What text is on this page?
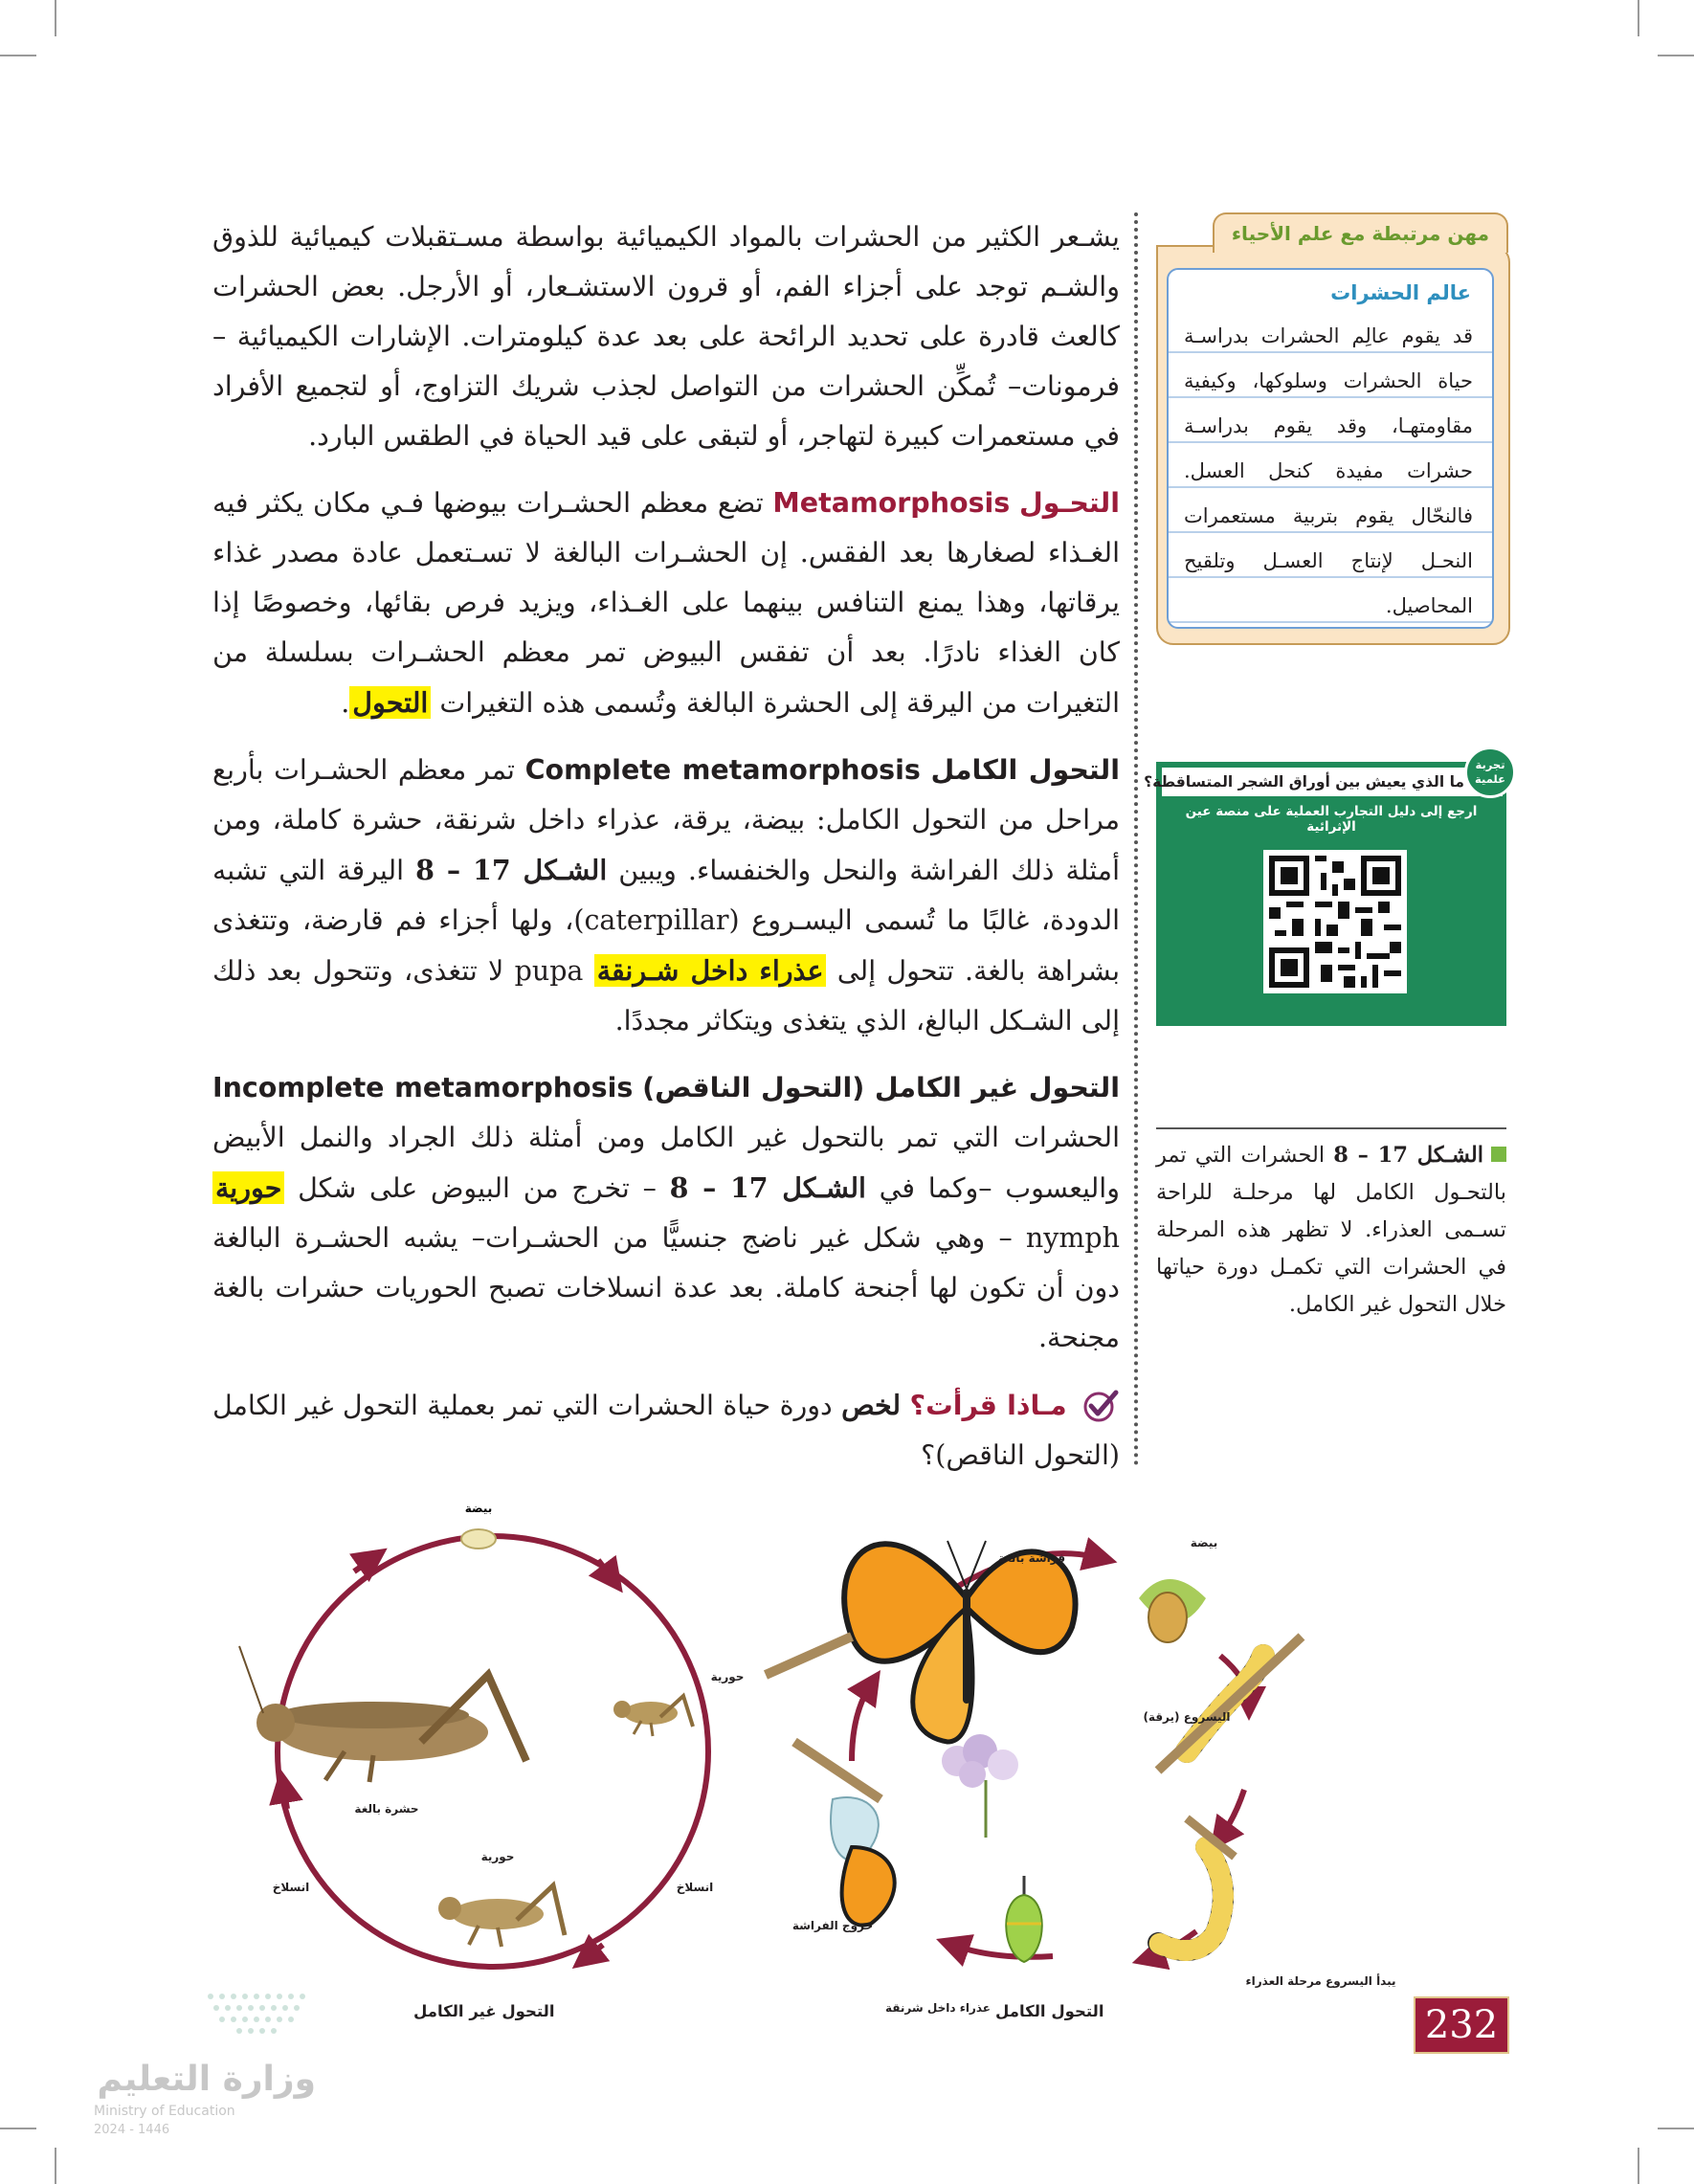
يشـعر الكثير من الحشرات بالمواد الكيميائية بواسطة مسـتقبلات كيميائية للذوق والشـم توجد على أجزاء الفم، أو قرون الاستشـعار، أو الأرجل. بعض الحشرات كالعث قادرة على تحديد الرائحة على بعد عدة كيلومترات. الإشارات الكيميائية – فرمونات– تُمكِّن الحشرات من التواصل لجذب شريك التزاوج، أو لتجميع الأفراد في مستعمرات كبيرة لتهاجر، أو لتبقى على قيد الحياة في الطقس البارد.

التحـول Metamorphosis تضع معظم الحشـرات بيوضها فـي مكان يكثر فيه الغـذاء لصغارها بعد الفقس. إن الحشـرات البالغة لا تسـتعمل عادة مصدر غذاء يرقاتها، وهذا يمنع التنافس بينهما على الغـذاء، ويزيد فرص بقائها، وخصوصًا إذا كان الغذاء نادرًا. بعد أن تفقس البيوض تمر معظم الحشـرات بسلسلة من التغيرات من اليرقة إلى الحشرة البالغة وتُسمى هذه التغيرات التحول.

التحول الكامل Complete metamorphosis تمر معظم الحشـرات بأربع مراحل من التحول الكامل: بيضة، يرقة، عذراء داخل شرنقة، حشرة كاملة، ومن أمثلة ذلك الفراشة والنحل والخنفساء. ويبين الشـكل 17 – 8 اليرقة التي تشبه الدودة، غالبًا ما تُسمى اليسـروع (caterpillar)، ولها أجزاء فم قارضة، وتتغذى بشراهة بالغة. تتحول إلى عذراء داخل شـرنقة pupa لا تتغذى، وتتحول بعد ذلك إلى الشـكل البالغ، الذي يتغذى ويتكاثر مجددًا.

التحول غير الكامل (التحول الناقص) Incomplete metamorphosis الحشرات التي تمر بالتحول غير الكامل ومن أمثلة ذلك الجراد والنمل الأبيض واليعسوب –وكما في الشـكل 17 – 8 – تخرج من البيوض على شكل حورية nymph – وهي شكل غير ناضج جنسيًّا من الحشـرات– يشبه الحشـرة البالغة دون أن تكون لها أجنحة كاملة. بعد عدة انسلاخات تصبح الحوريات حشرات بالغة مجنحة.

مـاذا قرأت؟ لخص دورة حياة الحشرات التي تمر بعملية التحول غير الكامل (التحول الناقص)؟

مهن مرتبطة مع علم الأحياء
عالم الحشرات
قد يقوم عالِم الحشرات بدراسـة حياة الحشرات وسلوكها، وكيفية مقاومتهـا، وقد يقوم بدراسـة حشرات مفيدة كنحل العسل. فالنحّال يقوم بتربية مستعمرات النحـل لإنتاج العسـل وتلقيح المحاصيل.
ما الذي يعيش بين أوراق الشجر المتساقطة؟
تجربة علمية
ارجع إلى دليل التجارب العملية على منصة عين الإثرائية
الشـكل 17 – 8 الحشرات التي تمر بالتحـول الكامل لها مرحلـة للراحة تسـمى العذراء. لا تظهر هذه المرحلة في الحشرات التي تكمـل دورة حياتها خلال التحول غير الكامل.
بيضة
حورية
انسلاخ
حورية
انسلاخ
حشرة بالغة
التحول غير الكامل
فراشة بالغة
بيضة
اليسروع (يرقة)
يبدأ اليسروع مرحلة العذراء
عذراء داخل شرنقة
خروج الفراشة
التحول الكامل	232
وزارة التعليم
Ministry of Education
2024 - 1446
